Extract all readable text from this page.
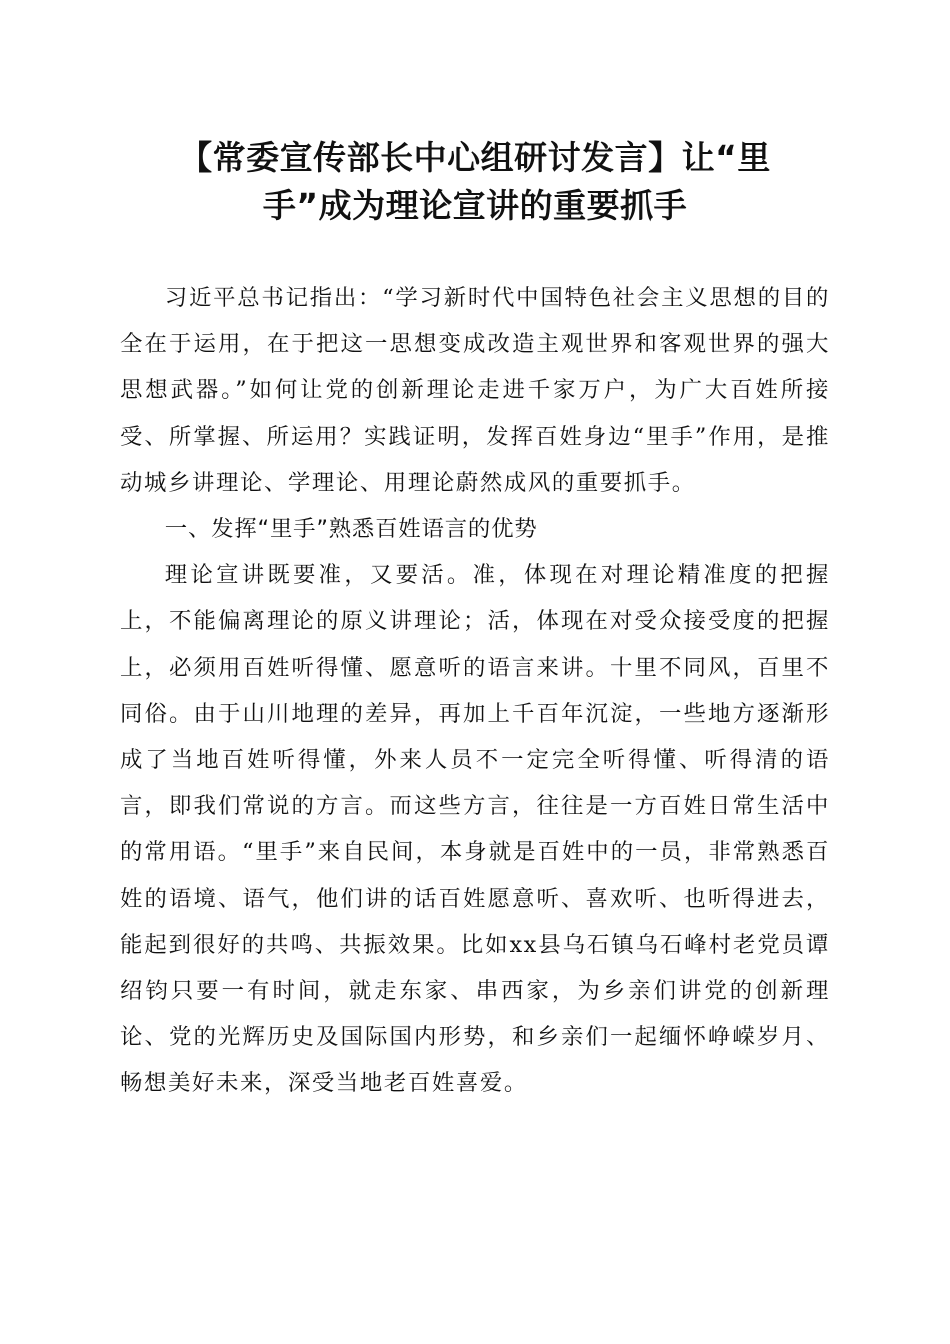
【常委宣传部长中心组研讨发言】让“里
手”成为理论宣讲的重要抓手

习近平总书记指出：“学习新时代中国特色社会主义思想的目的全在于运用，在于把这一思想变成改造主观世界和客观世界的强大思想武器。”如何让党的创新理论走进千家万户，为广大百姓所接受、所掌握、所运用？实践证明，发挥百姓身边“里手”作用，是推动城乡讲理论、学理论、用理论蔚然成风的重要抓手。

一、发挥“里手”熟悉百姓语言的优势

理论宣讲既要准，又要活。准，体现在对理论精准度的把握上，不能偏离理论的原义讲理论；活，体现在对受众接受度的把握上，必须用百姓听得懂、愿意听的语言来讲。十里不同风，百里不同俗。由于山川地理的差异，再加上千百年沉淀，一些地方逐渐形成了当地百姓听得懂，外来人员不一定完全听得懂、听得清的语言，即我们常说的方言。而这些方言，往往是一方百姓日常生活中的常用语。“里手”来自民间，本身就是百姓中的一员，非常熟悉百姓的语境、语气，他们讲的话百姓愿意听、喜欢听、也听得进去，能起到很好的共鸣、共振效果。比如xx县乌石镇乌石峰村老党员谭绍钧只要一有时间，就走东家、串西家，为乡亲们讲党的创新理论、党的光辉历史及国际国内形势，和乡亲们一起缅怀峥嵘岁月、畅想美好未来，深受当地老百姓喜爱。
